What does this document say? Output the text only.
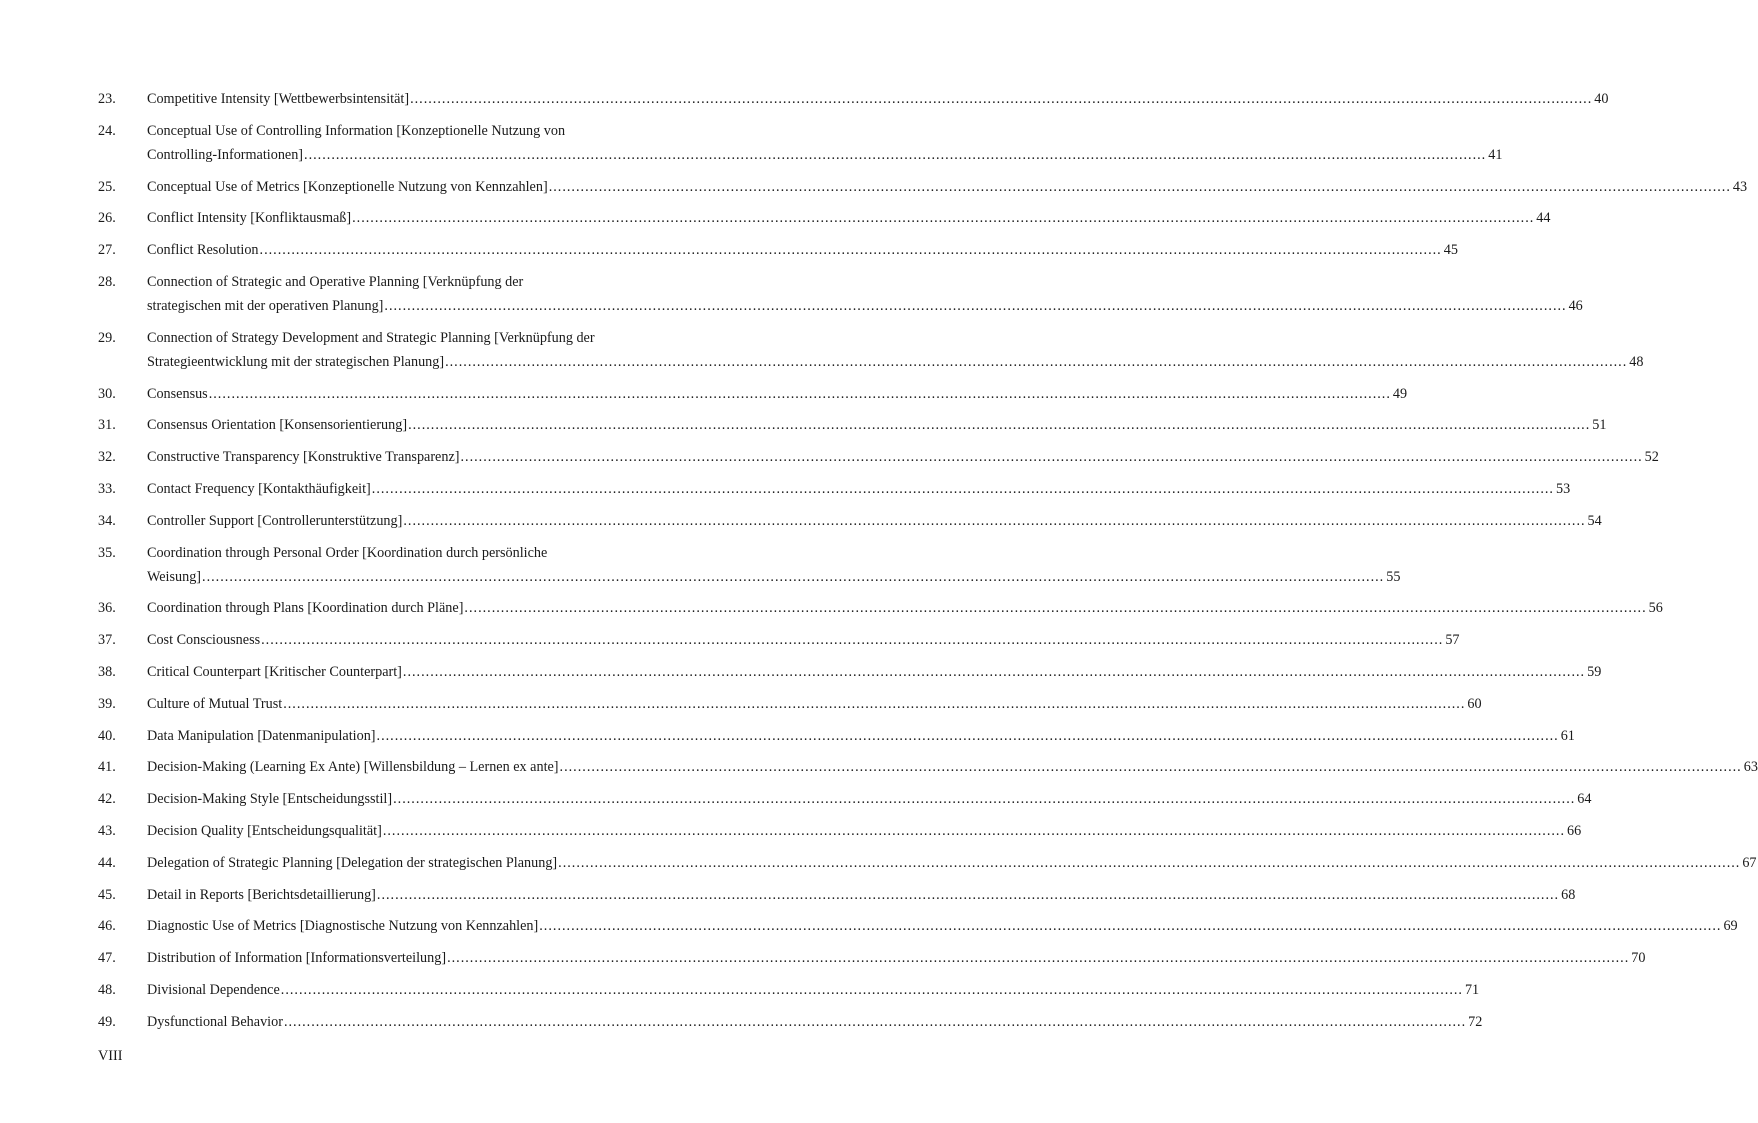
23.	Competitive Intensity [Wettbewerbsintensität] .....	40
24.	Conceptual Use of Controlling Information [Konzeptionelle Nutzung von
Controlling-Informationen] .....	41
25.	Conceptual Use of Metrics [Konzeptionelle Nutzung von Kennzahlen] .....	43
26.	Conflict Intensity [Konfliktausmaß] .....	44
27.	Conflict Resolution .....	45
28.	Connection of Strategic and Operative Planning [Verknüpfung der
strategischen mit der operativen Planung] .....	46
29.	Connection of Strategy Development and Strategic Planning [Verknüpfung der
Strategieentwicklung mit der strategischen Planung] .....	48
30.	Consensus .....	49
31.	Consensus Orientation [Konsensorientierung] .....	51
32.	Constructive Transparency [Konstruktive Transparenz] .....	52
33.	Contact Frequency [Kontakthäufigkeit] .....	53
34.	Controller Support [Controllerunterstützung] .....	54
35.	Coordination through Personal Order [Koordination durch persönliche
Weisung] .....	55
36.	Coordination through Plans [Koordination durch Pläne] .....	56
37.	Cost Consciousness .....	57
38.	Critical Counterpart [Kritischer Counterpart] .....	59
39.	Culture of Mutual Trust .....	60
40.	Data Manipulation [Datenmanipulation] .....	61
41.	Decision-Making (Learning Ex Ante) [Willensbildung – Lernen ex ante] .....	63
42.	Decision-Making Style [Entscheidungsstil] .....	64
43.	Decision Quality [Entscheidungsqualität] .....	66
44.	Delegation of Strategic Planning [Delegation der strategischen Planung] .....	67
45.	Detail in Reports [Berichtsdetaillierung] .....	68
46.	Diagnostic Use of Metrics [Diagnostische Nutzung von Kennzahlen] .....	69
47.	Distribution of Information [Informationsverteilung] .....	70
48.	Divisional Dependence .....	71
49.	Dysfunctional Behavior .....	72
VIII
